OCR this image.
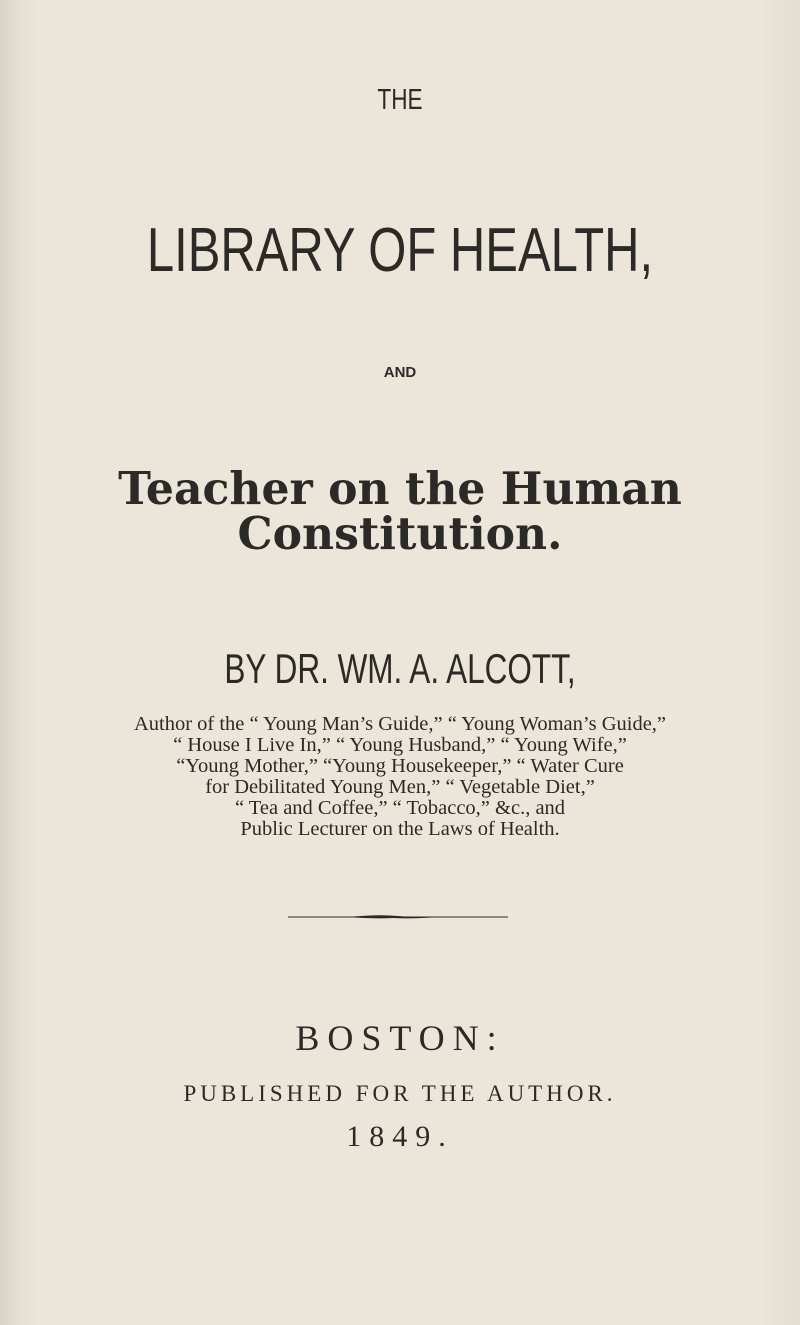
THE
LIBRARY OF HEALTH,
AND
Teacher on the Human Constitution.
BY DR. WM. A. ALCOTT,
Author of the “ Young Man’s Guide,” “ Young Woman’s Guide,”
“ House I Live In,” “ Young Husband,” “ Young Wife,”
“Young Mother,” “Young Housekeeper,” “ Water Cure
for Debilitated Young Men,” “ Vegetable Diet,”
“ Tea and Coffee,” “ Tobacco,” &c., and
Public Lecturer on the Laws of Health.
BOSTON:
PUBLISHED FOR THE AUTHOR.
1849.
